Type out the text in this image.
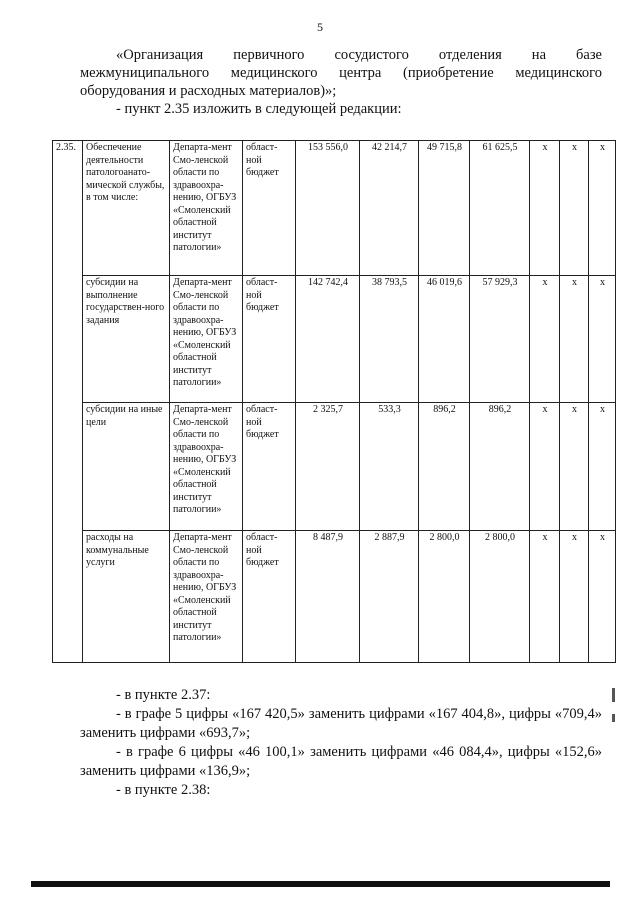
5

«Организация первичного сосудистого отделения на базе межмуниципального медицинского центра (приобретение медицинского оборудования и расходных материалов)»;

- пункт 2.35 изложить в следующей редакции:

2.35.	Обеспечение деятельности патологоанато-мической службы, в том числе:	Департа-мент Смо-ленской области по здравоохра-нению, ОГБУЗ «Смоленский областной институт патологии»	област-ной бюджет	153 556,0	42 214,7	49 715,8	61 625,5	х	х	х
	субсидии на выполнение государствен-ного задания	Департа-мент Смо-ленской области по здравоохра-нению, ОГБУЗ «Смоленский областной институт патологии»	област-ной бюджет	142 742,4	38 793,5	46 019,6	57 929,3	х	х	х
	субсидии на иные цели	Департа-мент Смо-ленской области по здравоохра-нению, ОГБУЗ «Смоленский областной институт патологии»	област-ной бюджет	2 325,7	533,3	896,2	896,2	х	х	х
	расходы на коммунальные услуги	Департа-мент Смо-ленской области по здравоохра-нению, ОГБУЗ «Смоленский областной институт патологии»	област-ной бюджет	8 487,9	2 887,9	2 800,0	2 800,0	х	х	х

- в пункте 2.37:

- в графе 5 цифры «167 420,5» заменить цифрами «167 404,8», цифры «709,4» заменить цифрами «693,7»;

- в графе 6 цифры «46 100,1» заменить цифрами «46 084,4», цифры «152,6» заменить цифрами «136,9»;

- в пункте 2.38:
